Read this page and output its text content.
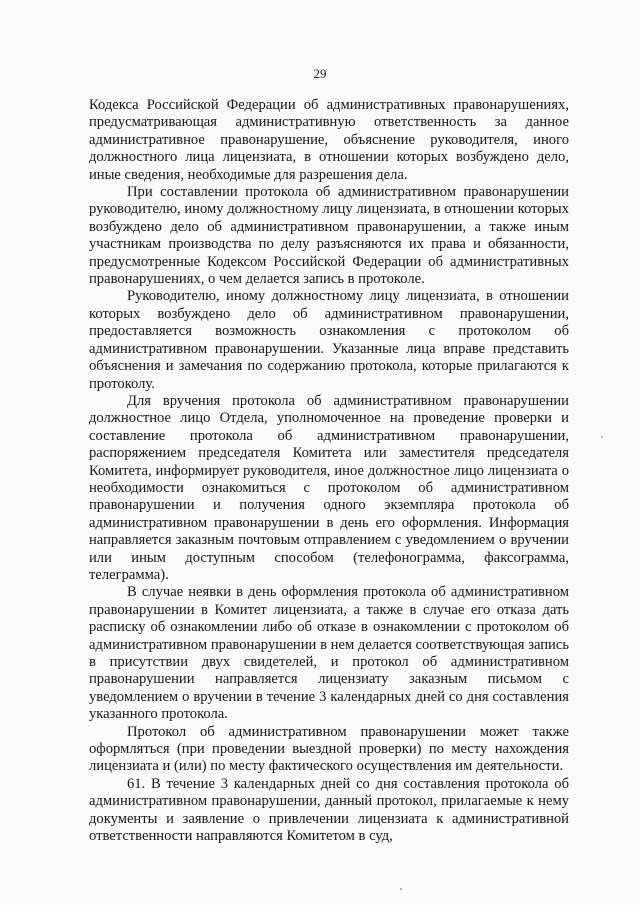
29

Кодекса Российской Федерации об административных правонарушениях, предусматривающая административную ответственность за данное административное правонарушение, объяснение руководителя, иного должностного лица лицензиата, в отношении которых возбуждено дело, иные сведения, необходимые для разрешения дела.

При составлении протокола об административном правонарушении руководителю, иному должностному лицу лицензиата, в отношении которых возбуждено дело об административном правонарушении, а также иным участникам производства по делу разъясняются их права и обязанности, предусмотренные Кодексом Российской Федерации об административных правонарушениях, о чем делается запись в протоколе.

Руководителю, иному должностному лицу лицензиата, в отношении которых возбуждено дело об административном правонарушении, предоставляется возможность ознакомления с протоколом об административном правонарушении. Указанные лица вправе представить объяснения и замечания по содержанию протокола, которые прилагаются к протоколу.

Для вручения протокола об административном правонарушении должностное лицо Отдела, уполномоченное на проведение проверки и составление протокола об административном правонарушении, распоряжением председателя Комитета или заместителя председателя Комитета, информирует руководителя, иное должностное лицо лицензиата о необходимости ознакомиться с протоколом об административном правонарушении и получения одного экземпляра протокола об административном правонарушении в день его оформления. Информация направляется заказным почтовым отправлением с уведомлением о вручении или иным доступным способом (телефонограмма, факсограмма, телеграмма).

В случае неявки в день оформления протокола об административном правонарушении в Комитет лицензиата, а также в случае его отказа дать расписку об ознакомлении либо об отказе в ознакомлении с протоколом об административном правонарушении в нем делается соответствующая запись в присутствии двух свидетелей, и протокол об административном правонарушении направляется лицензиату заказным письмом с уведомлением о вручении в течение 3 календарных дней со дня составления указанного протокола.

Протокол об административном правонарушении может также оформляться (при проведении выездной проверки) по месту нахождения лицензиата и (или) по месту фактического осуществления им деятельности.

61. В течение 3 календарных дней со дня составления протокола об административном правонарушении, данный протокол, прилагаемые к нему документы и заявление о привлечении лицензиата к административной ответственности направляются Комитетом в суд,
